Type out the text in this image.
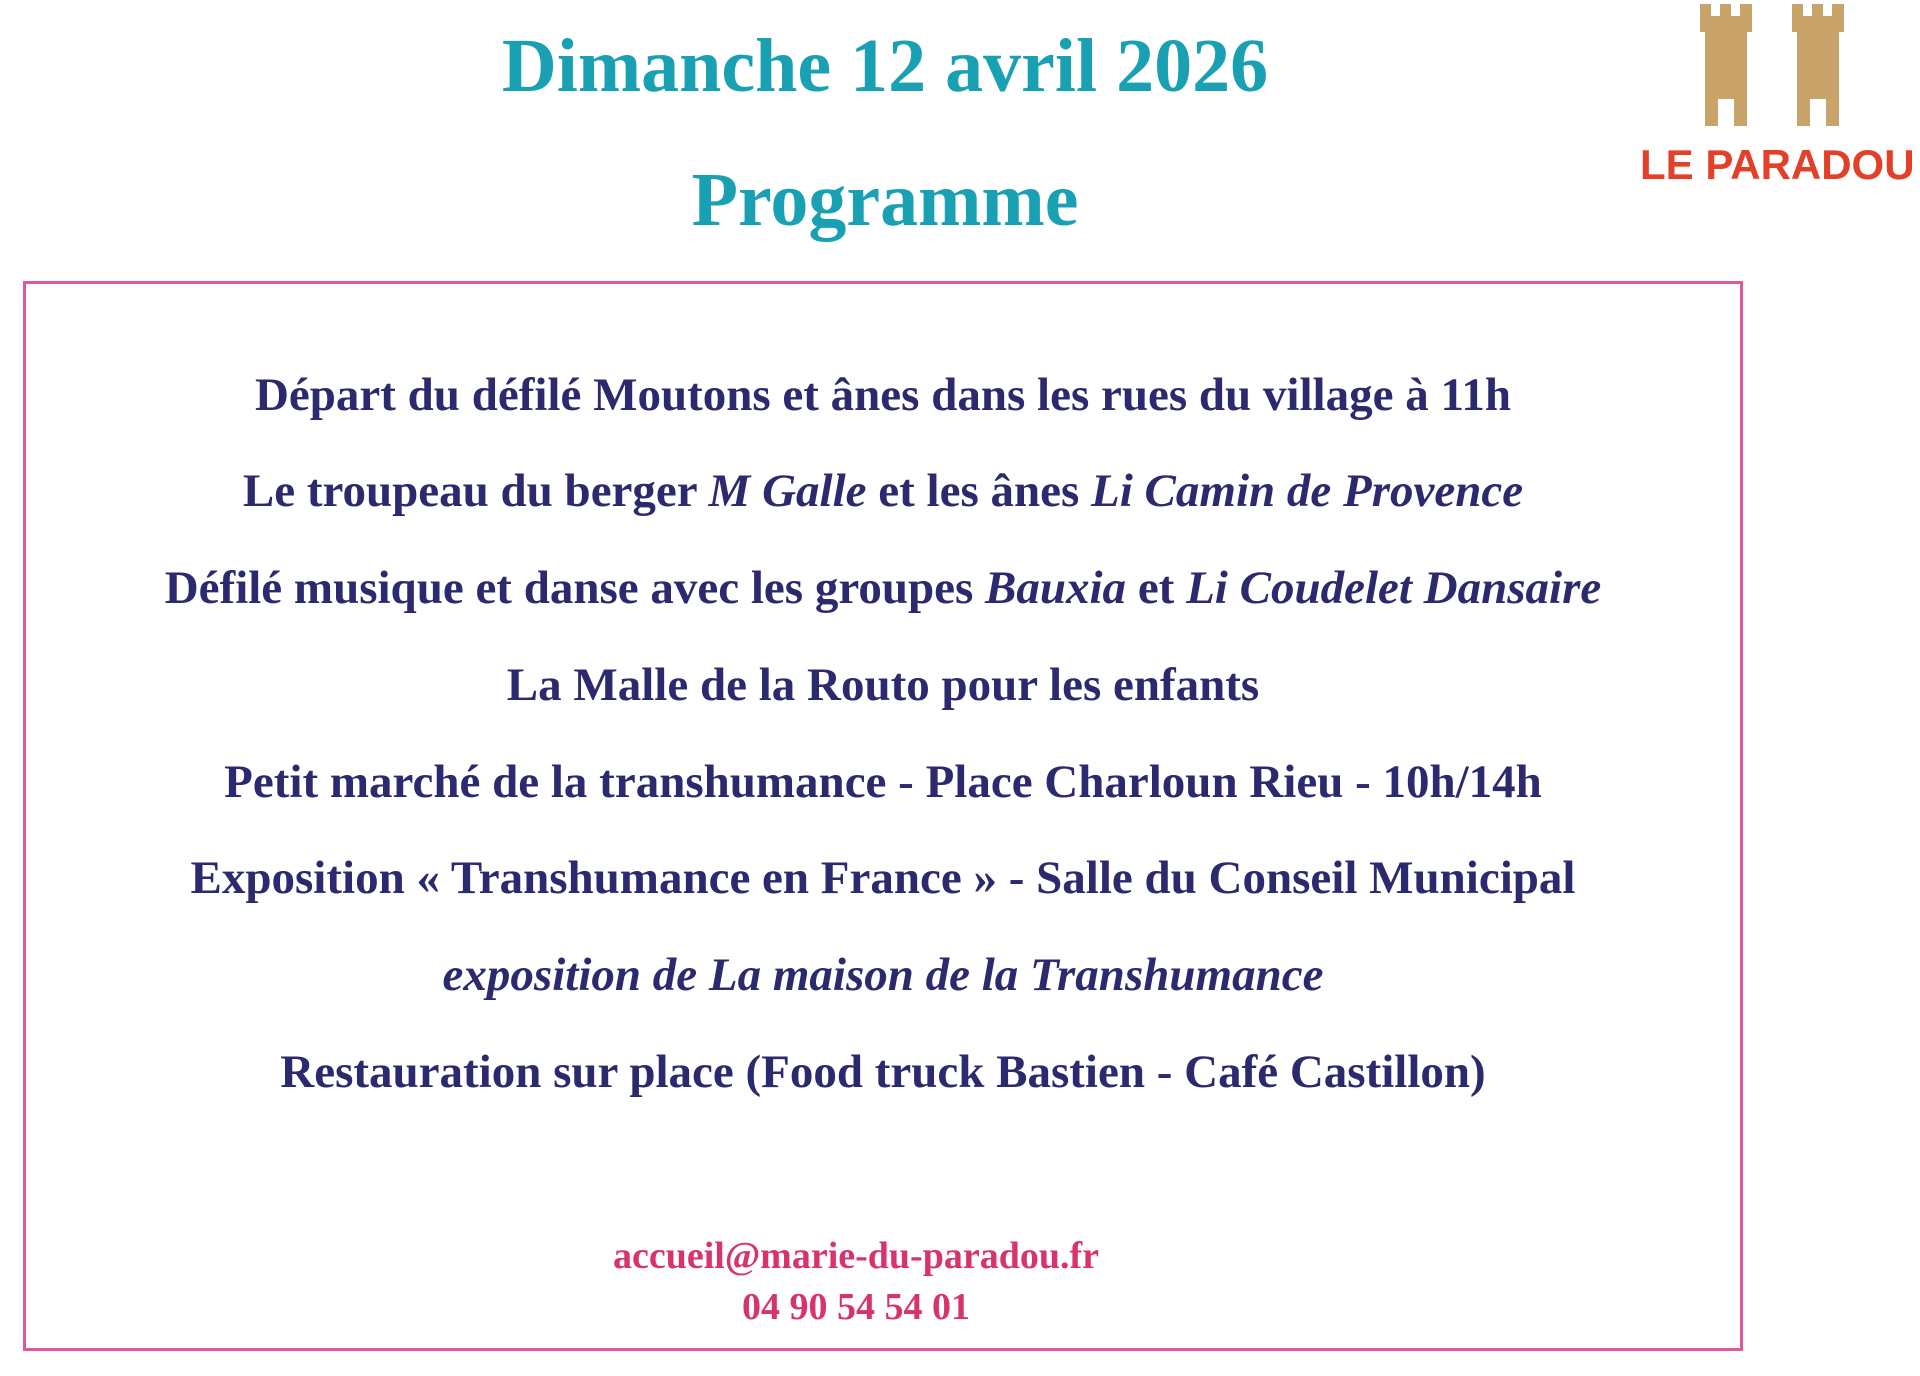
Dimanche 12 avril 2026
Programme	LE PARADOU
Départ du défilé Moutons et ânes dans les rues du village à 11h
Le troupeau du berger M Galle et les ânes Li Camin de Provence
Défilé musique et danse avec les groupes Bauxia et Li Coudelet Dansaire
La Malle de la Routo pour les enfants
Petit marché de la transhumance - Place Charloun Rieu - 10h/14h
Exposition « Transhumance en France » - Salle du Conseil Municipal
exposition de La maison de la Transhumance
Restauration sur place (Food truck Bastien - Café Castillon)
accueil@marie-du-paradou.fr
04 90 54 54 01
